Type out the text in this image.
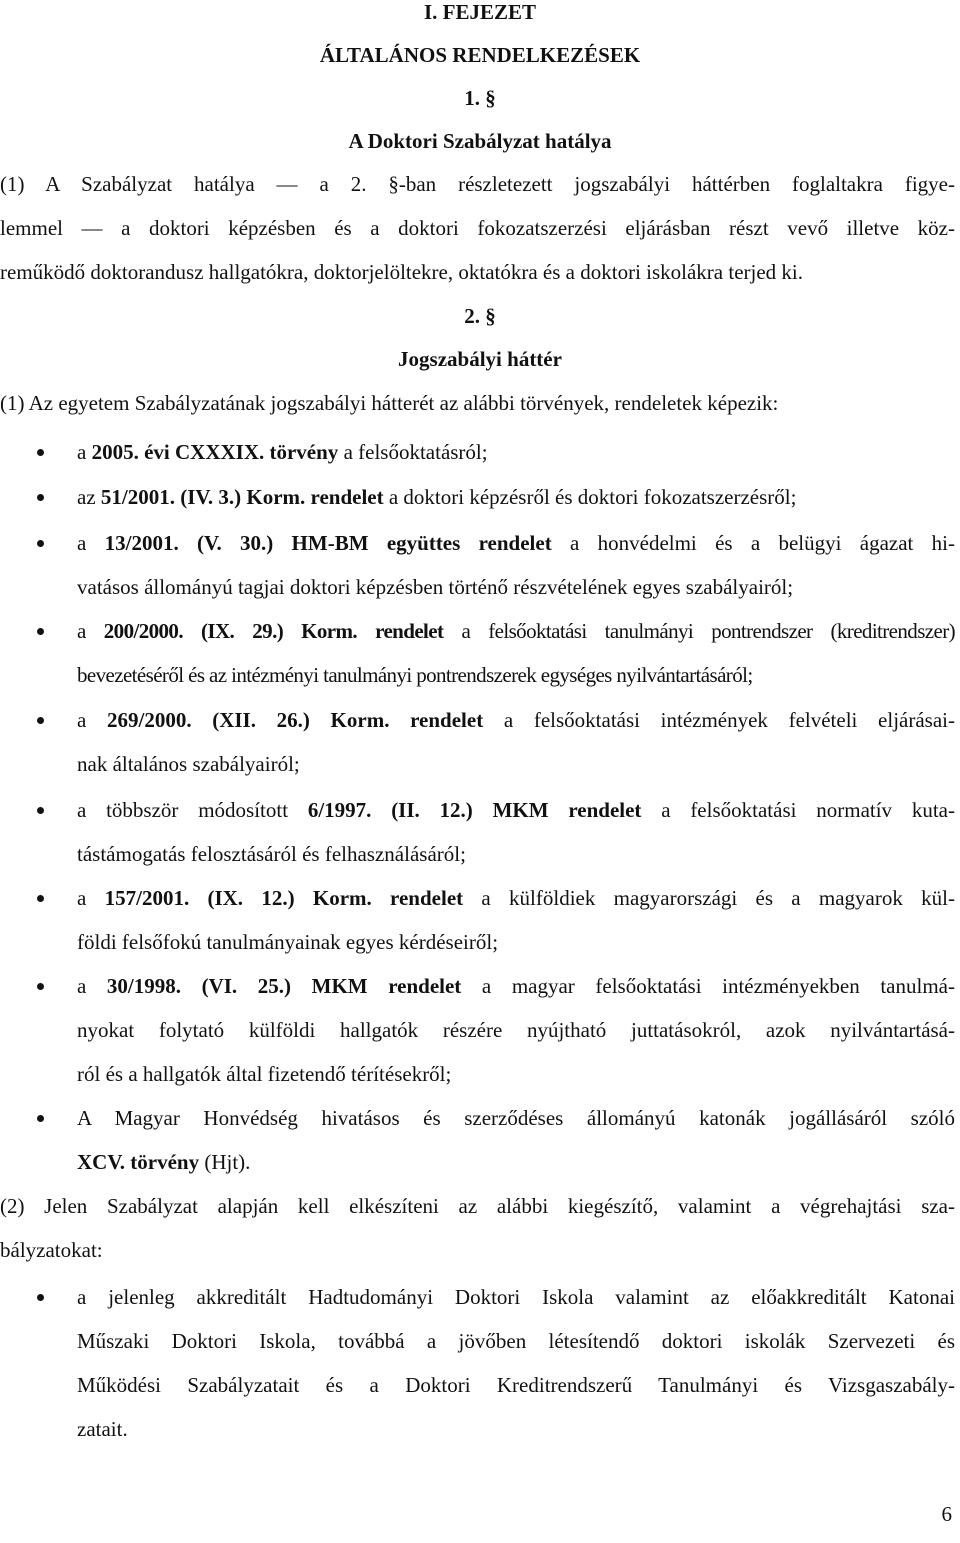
I. FEJEZET
ÁLTALÁNOS RENDELKEZÉSEK
1. §
A Doktori Szabályzat hatálya
(1) A Szabályzat hatálya — a 2. §-ban részletezett jogszabályi háttérben foglaltakra figye-
lemmel — a doktori képzésben és a doktori fokozatszerzési eljárásban részt vevő illetve köz-
reműködő doktorandusz hallgatókra, doktorjelöltekre, oktatókra és a doktori iskolákra terjed ki.
2. §
Jogszabályi háttér
(1) Az egyetem Szabályzatának jogszabályi hátterét az alábbi törvények, rendeletek képezik:
a 2005. évi CXXXIX. törvény a felsőoktatásról;
az 51/2001. (IV. 3.) Korm. rendelet a doktori képzésről és doktori fokozatszerzésről;
a 13/2001. (V. 30.) HM-BM együttes rendelet a honvédelmi és a belügyi ágazat hi-
vatásos állományú tagjai doktori képzésben történő részvételének egyes szabályairól;
a 200/2000. (IX. 29.) Korm. rendelet a felsőoktatási tanulmányi pontrendszer (kreditrendszer)
bevezetéséről és az intézményi tanulmányi pontrendszerek egységes nyilvántartásáról;
a 269/2000. (XII. 26.) Korm. rendelet a felsőoktatási intézmények felvételi eljárásai-
nak általános szabályairól;
a többször módosított 6/1997. (II. 12.) MKM rendelet a felsőoktatási normatív kuta-
tástámogatás felosztásáról és felhasználásáról;
a 157/2001. (IX. 12.) Korm. rendelet a külföldiek magyarországi és a magyarok kül-
földi felsőfokú tanulmányainak egyes kérdéseiről;
a 30/1998. (VI. 25.) MKM rendelet a magyar felsőoktatási intézményekben tanulmá-
nyokat folytató külföldi hallgatók részére nyújtható juttatásokról, azok nyilvántartásá-
ról és a hallgatók által fizetendő térítésekről;
A Magyar Honvédség hivatásos és szerződéses állományú katonák jogállásáról szóló
XCV. törvény (Hjt).
(2) Jelen Szabályzat alapján kell elkészíteni az alábbi kiegészítő, valamint a végrehajtási sza-
bályzatokat:
a jelenleg akkreditált Hadtudományi Doktori Iskola valamint az előakkreditált Katonai
Műszaki Doktori Iskola, továbbá a jövőben létesítendő doktori iskolák Szervezeti és
Működési Szabályzatait és a Doktori Kreditrendszerű Tanulmányi és Vizsgaszabály-
zatait.
6
